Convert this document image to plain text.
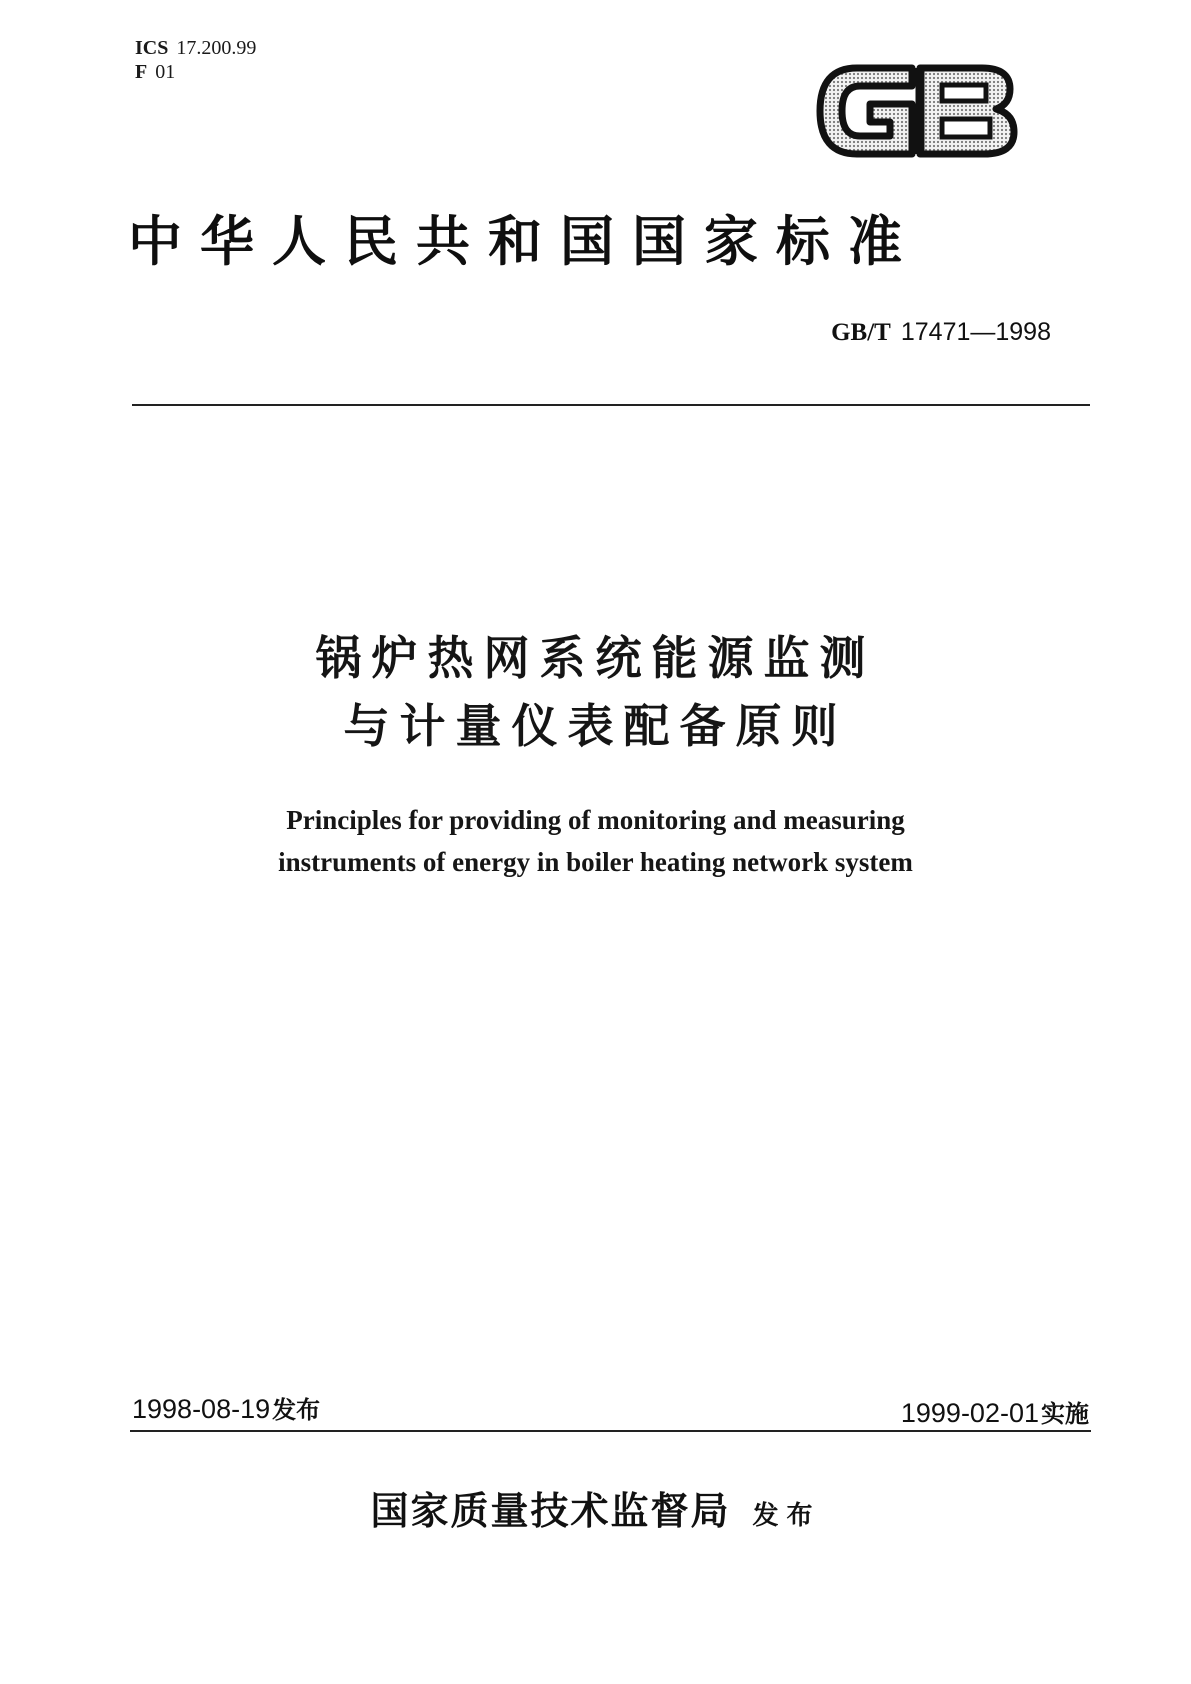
ICS 17.200.99
F 01
中华人民共和国国家标准
GB/T 17471—1998
锅炉热网系统能源监测
与计量仪表配备原则
Principles for providing of monitoring and measuring
instruments of energy in boiler heating network system
1998-08-19发布	1999-02-01实施
国家质量技术监督局 发布
